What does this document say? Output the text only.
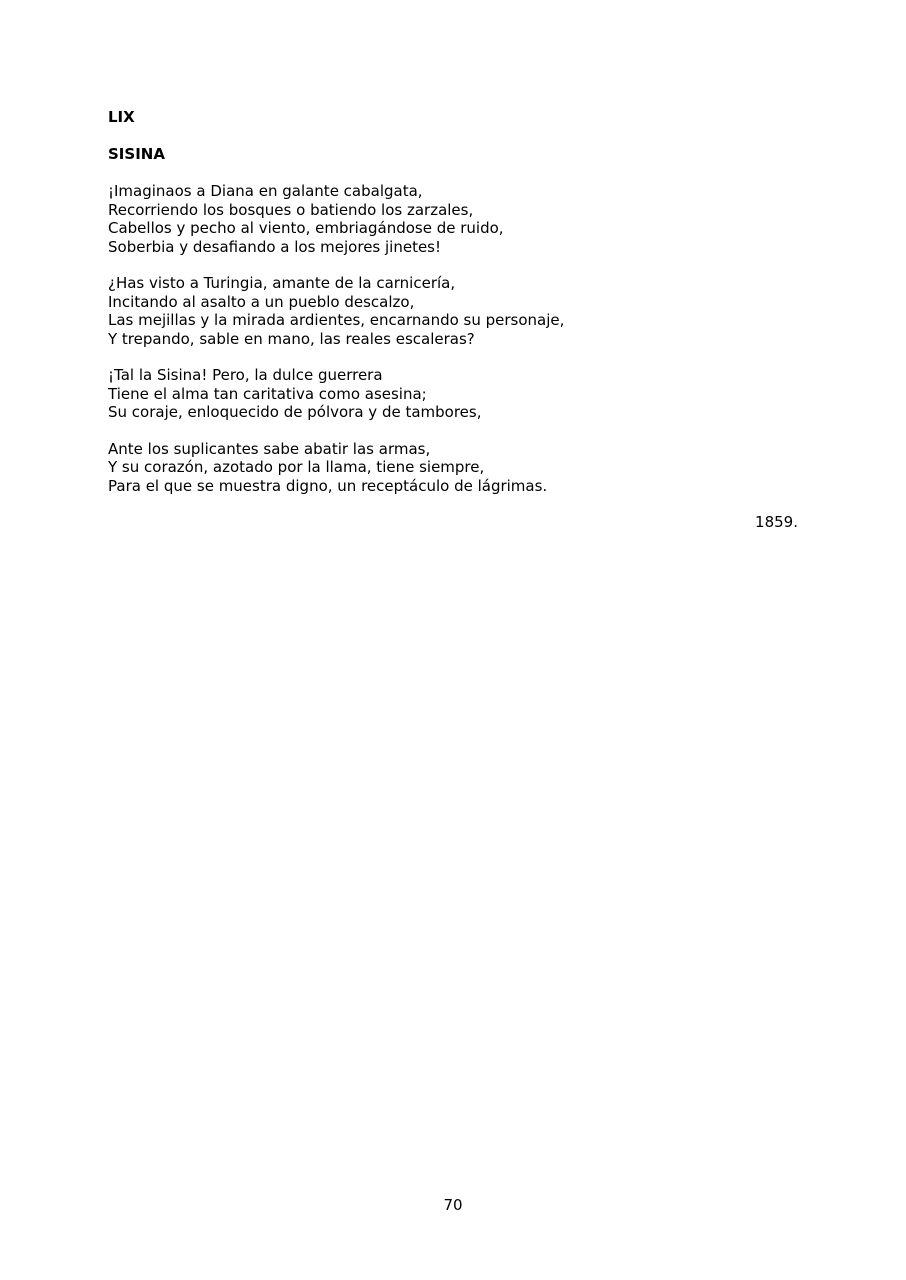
LIX

SISINA

¡Imaginaos a Diana en galante cabalgata,
Recorriendo los bosques o batiendo los zarzales,
Cabellos y pecho al viento, embriagándose de ruido,
Soberbia y desafiando a los mejores jinetes!
¿Has visto a Turingia, amante de la carnicería,
Incitando al asalto a un pueblo descalzo,
Las mejillas y la mirada ardientes, encarnando su personaje,
Y trepando, sable en mano, las reales escaleras?
¡Tal la Sisina! Pero, la dulce guerrera
Tiene el alma tan caritativa como asesina;
Su coraje, enloquecido de pólvora y de tambores,
Ante los suplicantes sabe abatir las armas,
Y su corazón, azotado por la llama, tiene siempre,
Para el que se muestra digno, un receptáculo de lágrimas.
1859.
70
